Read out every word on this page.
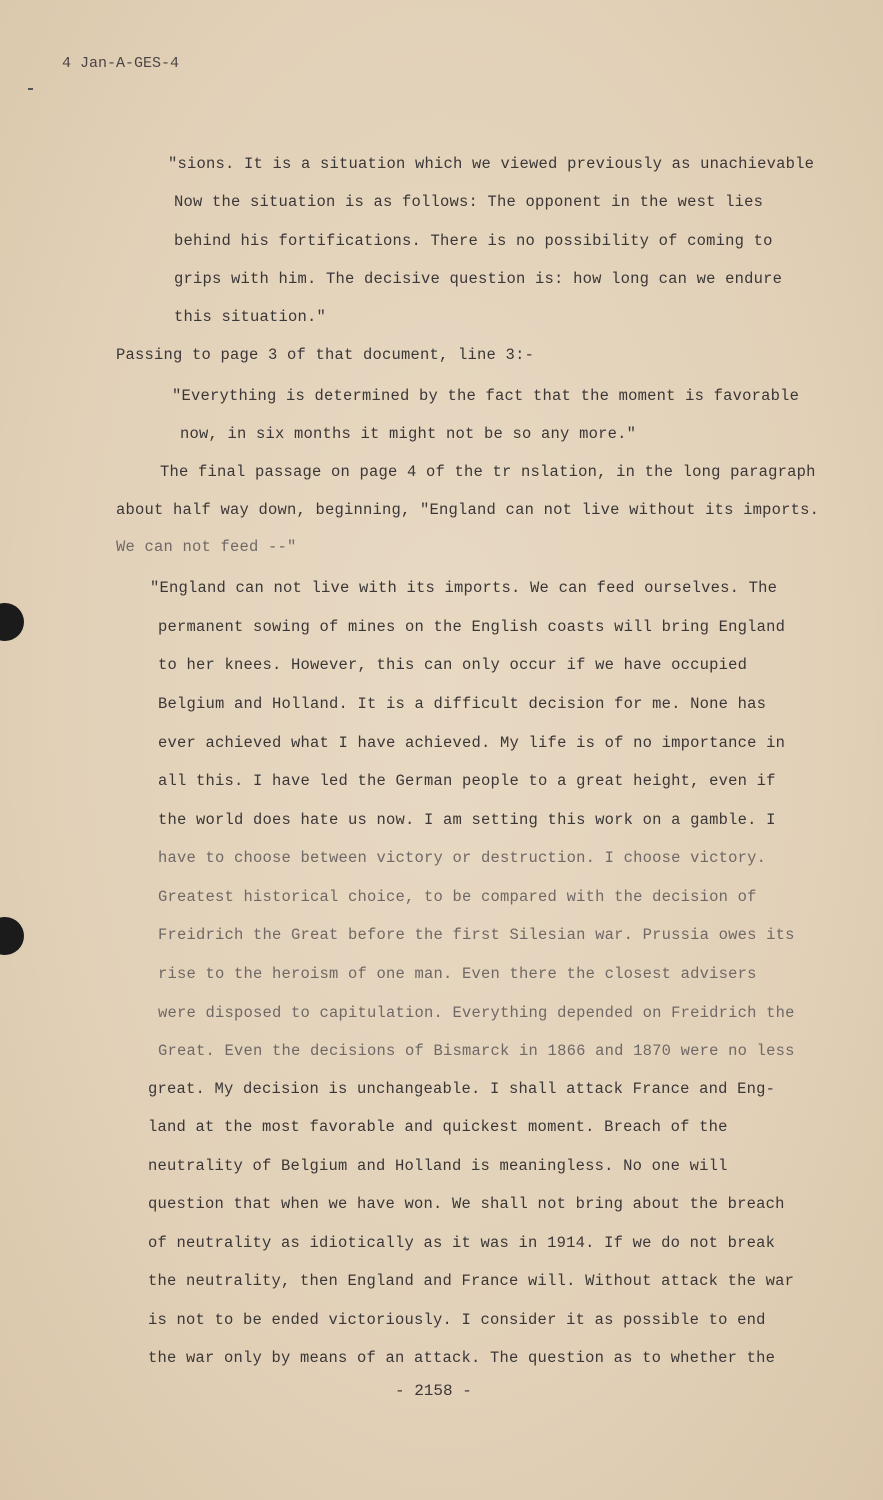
4 Jan-A-GES-4
"sions. It is a situation which we viewed previously as unachievable
Now the situation is as follows: The opponent in the west lies
behind his fortifications. There is no possibility of coming to
grips with him. The decisive question is: how long can we endure
this situation."
Passing to page 3 of that document, line 3:-
"Everything is determined by the fact that the moment is favorable
now, in six months it might not be so any more."
The final passage on page 4 of the tr nslation, in the long paragraph
about half way down, beginning, "England can not live without its imports.
We can not feed --"
"England can not live with its imports. We can feed ourselves. The
permanent sowing of mines on the English coasts will bring England
to her knees. However, this can only occur if we have occupied
Belgium and Holland. It is a difficult decision for me. None has
ever achieved what I have achieved. My life is of no importance in
all this. I have led the German people to a great height, even if
the world does hate us now. I am setting this work on a gamble. I
have to choose between victory or destruction. I choose victory.
Greatest historical choice, to be compared with the decision of
Freidrich the Great before the first Silesian war. Prussia owes its
rise to the heroism of one man. Even there the closest advisers
were disposed to capitulation. Everything depended on Freidrich the
Great. Even the decisions of Bismarck in 1866 and 1870 were no less
great. My decision is unchangeable. I shall attack France and Eng-
land at the most favorable and quickest moment. Breach of the
neutrality of Belgium and Holland is meaningless. No one will
question that when we have won. We shall not bring about the breach
of neutrality as idiotically as it was in 1914. If we do not break
the neutrality, then England and France will. Without attack the war
is not to be ended victoriously. I consider it as possible to end
the war only by means of an attack. The question as to whether the
- 2158 -
